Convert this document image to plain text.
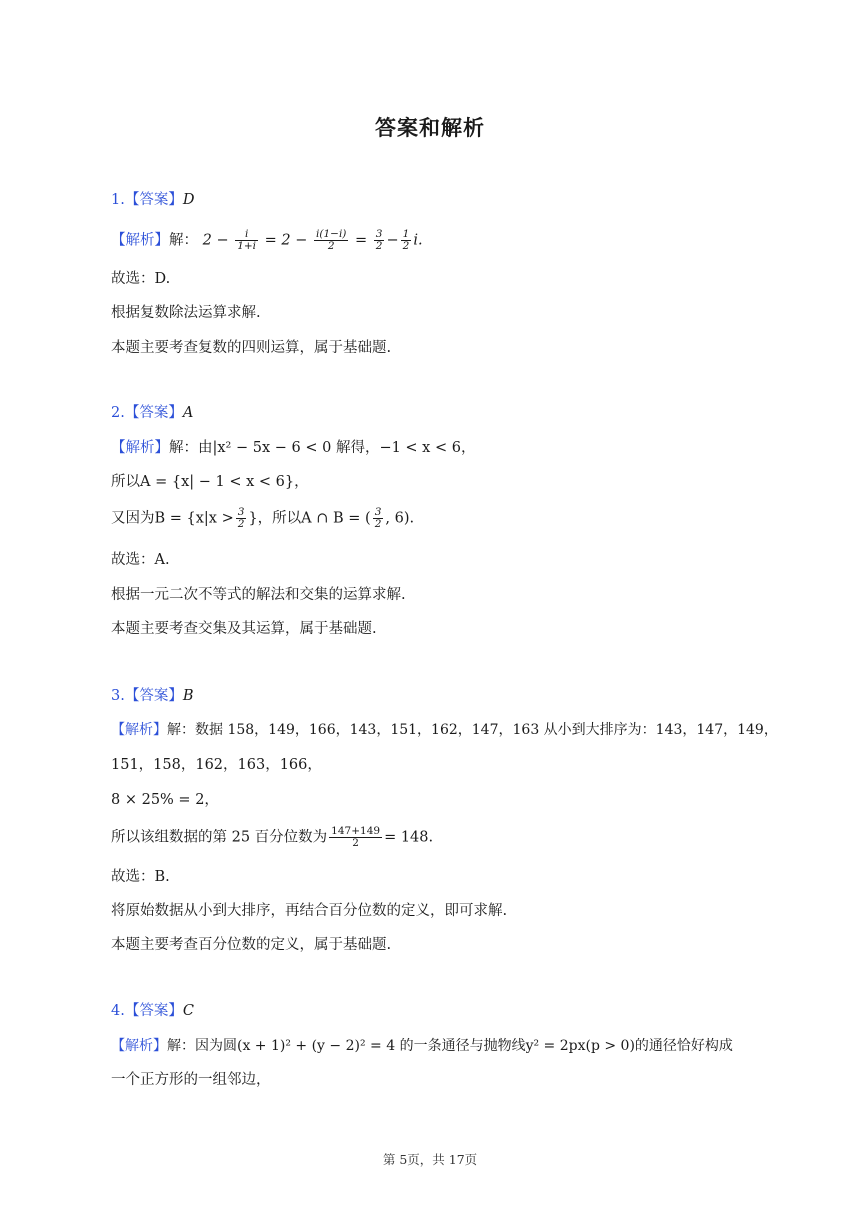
答案和解析
1.【答案】D
【解析】解： $2 - \frac{i}{1+i} = 2 - \frac{i(1-i)}{2} = \frac{3}{2} - \frac{1}{2} i$.
故选：D.
根据复数除法运算求解.
本题主要考查复数的四则运算，属于基础题.
2.【答案】A
【解析】解：由|x² − 5x − 6 < 0 解得，−1 < x < 6，
所以A = {x| − 1 < x < 6}，
又因为$B = \{x|x > \frac{3}{2}$ }，所以A ∩ B = ( $\frac{3}{2}$ , 6).
故选：A.
根据一元二次不等式的解法和交集的运算求解.
本题主要考查交集及其运算，属于基础题.
3.【答案】B
【解析】解：数据 158，149，166，143，151，162，147，163 从小到大排序为：143，147，149，
151，158，162，163，166，
8 × 25% = 2，
所以该组数据的第 25 百分位数为 $\frac{147+149}{2} = 148$.
故选：B.
将原始数据从小到大排序，再结合百分位数的定义，即可求解.
本题主要考查百分位数的定义，属于基础题.
4.【答案】C
【解析】解：因为圆(x + 1)² + (y − 2)² = 4 的一条通径与抛物线y² = 2px(p > 0)的通径恰好构成
一个正方形的一组邻边，
第 5页，共 17页
